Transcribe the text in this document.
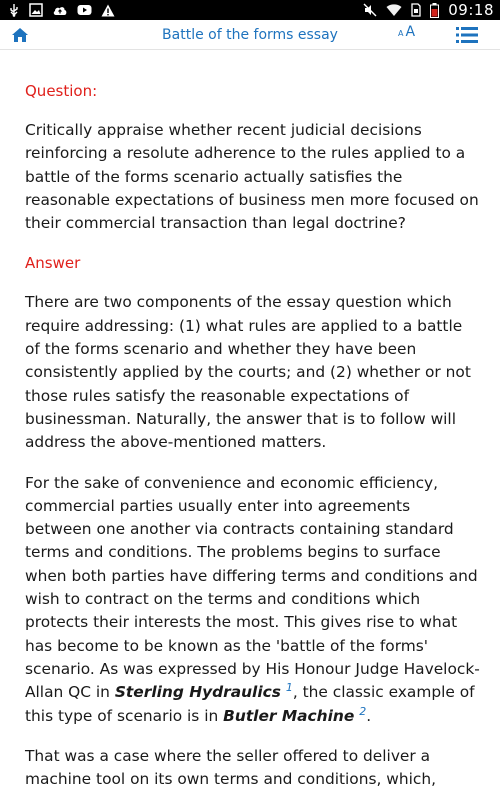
09:18
Battle of the forms essay	A A
Question:

Critically appraise whether recent judicial decisions reinforcing a resolute adherence to the rules applied to a battle of the forms scenario actually satisfies the reasonable expectations of business men more focused on their commercial transaction than legal doctrine?

Answer

There are two components of the essay question which require addressing: (1) what rules are applied to a battle of the forms scenario and whether they have been consistently applied by the courts; and (2) whether or not those rules satisfy the reasonable expectations of businessman. Naturally, the answer that is to follow will address the above-mentioned matters.

For the sake of convenience and economic efficiency, commercial parties usually enter into agreements between one another via contracts containing standard terms and conditions. The problems begins to surface when both parties have differing terms and conditions and wish to contract on the terms and conditions which protects their interests the most. This gives rise to what has become to be known as the 'battle of the forms' scenario. As was expressed by His Honour Judge Havelock-Allan QC in Sterling Hydraulics $^1$, the classic example of this type of scenario is in Butler Machine $^2$.

That was a case where the seller offered to deliver a machine tool on its own terms and conditions, which,
